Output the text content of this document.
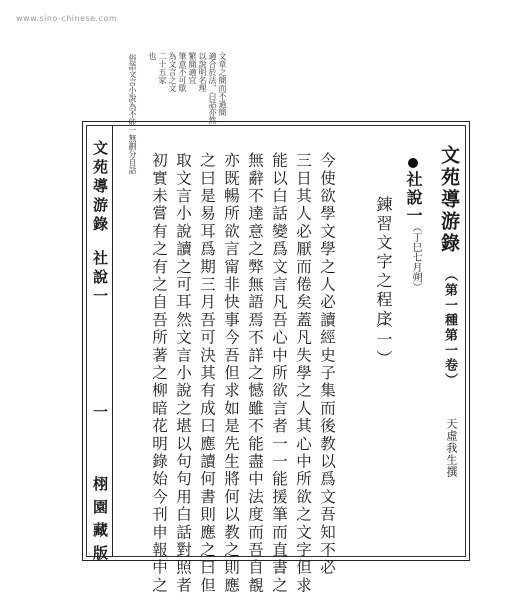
www.sino-chinese.com
文章之簡而不過簡
適合於法，白話亦然
以說明名理
繁簡適宜
筆意不可歇
為文言之文
二十五家
也
俗語文言小說為不能一無劃分自話
文苑導游錄
社說一
一
栩園藏版
文苑導游錄
（第一種第一卷）
天虛我生撰
社說一
（丁巳七月朔）
鍊習文字之程序
（一）
今使欲學文學之人必讀經史子集而後教以爲文吾知不必
三日其人必厭而倦矣蓋凡失學之人其心中所欲之文字但求
能以白話變爲文言凡吾心中所欲言者一一能援筆而直書之
無辭不達意之弊無語焉不詳之憾雖不能盡中法度而吾自覩
亦既暢所欲言甯非快事今吾但求如是先生將何以教之則應
之曰是易耳爲期三月吾可決其有成曰應讀何書則應之曰但
取文言小說讀之可耳然文言小說之堪以句句用白話對照者
初實未嘗有之有之自吾所著之柳暗花明錄始今刊申報中之
